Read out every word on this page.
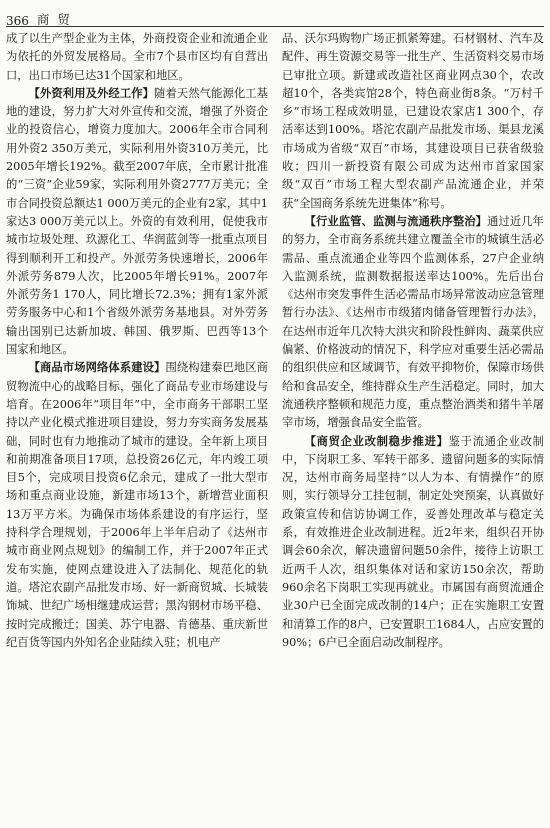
366 商贸

成了以生产型企业为主体，外商投资企业和流通企业为依托的外贸发展格局。全市7个县市区均有自营出口，出口市场已达31个国家和地区。

【外资利用及外经工作】随着天然气能源化工基地的建设，努力扩大对外宣传和交流，增强了外资企业的投资信心，增资力度加大。2006年全市合同利用外资2 350万美元，实际利用外资310万美元，比2005年增长192%。截至2007年底，全市累计批准的“三资”企业59家，实际利用外资2777万美元；全市合同投资总额达1 000万美元的企业有2家，其中1家达3 000万美元以上。外资的有效利用，促使我市城市垃圾处理、玖源化工、华润蓝剑等一批重点项目得到顺利开工和投产。外派劳务快速增长，2006年外派劳务879人次，比2005年增长91%。2007年外派劳务1 170人，同比增长72.3%；拥有1家外派劳务服务中心和1个省级外派劳务基地县。对外劳务输出国别已达新加坡、韩国、俄罗斯、巴西等13个国家和地区。

【商品市场网络体系建设】围绕构建秦巴地区商贸物流中心的战略目标，强化了商品专业市场建设与培育。在2006年“项目年”中，全市商务干部职工坚持以产业化模式推进项目建设，努力夯实商务发展基础，同时也有力地推动了城市的建设。全年新上项目和前期准备项目17项，总投资26亿元，年内竣工项目5个，完成项目投资6亿余元，建成了一批大型市场和重点商业设施，新建市场13个，新增营业面积13万平方米。为确保市场体系建设的有序运行，坚持科学合理规划，于2006年上半年启动了《达州市城市商业网点规划》的编制工作，并于2007年正式发布实施，使网点建设进入了法制化、规范化的轨道。塔沱农副产品批发市场、好一新商贸城、长城装饰城、世纪广场相继建成运营；黑沟钢材市场平稳、按时完成搬迁；国美、苏宁电器、肯德基、重庆新世纪百货等国内外知名企业陆续入驻；机电产

品、沃尔玛购物广场正抓紧筹建。石材钢材、汽车及配件、再生资源交易等一批生产、生活资料交易市场已审批立项。新建或改造社区商业网点30个，农改超10个，各类宾馆28个，特色商业街8条。“万村千乡”市场工程成效明显，已建设农家店1 300个，存活率达到100%。塔沱农副产品批发市场、渠县龙溪市场成为省级“双百”市场，其建设项目已获省级验收；四川一新投资有限公司成为达州市首家国家级“双百”市场工程大型农副产品流通企业，并荣获“全国商务系统先进集体”称号。

【行业监管、监测与流通秩序整治】通过近几年的努力，全市商务系统共建立覆盖全市的城镇生活必需品、重点流通企业等四个监测体系，27户企业纳入监测系统，监测数据报送率达100%。先后出台《达州市突发事件生活必需品市场异常波动应急管理暂行办法》、《达州市市级猪肉储备管理暂行办法》，在达州市近年几次特大洪灾和阶段性鲜肉、蔬菜供应偏紧、价格波动的情况下，科学应对重要生活必需品的组织供应和区域调节，有效平抑物价，保障市场供给和食品安全，维持群众生产生活稳定。同时，加大流通秩序整顿和规范力度，重点整治酒类和猪牛羊屠宰市场，增强食品安全监管。

【商贸企业改制稳步推进】鉴于流通企业改制中，下岗职工多、军转干部多、遗留问题多的实际情况，达州市商务局坚持“以人为本、有情操作”的原则，实行领导分工挂包制，制定处突预案，认真做好政策宣传和信访协调工作，妥善处理改革与稳定关系，有效推进企业改制进程。近2年来，组织召开协调会60余次，解决遗留问题50余件，接待上访职工近两千人次，组织集体对话和家访150余次，帮助960余名下岗职工实现再就业。市属国有商贸流通企业30户已全面完成改制的14户；正在实施职工安置和清算工作的8户，已安置职工1684人，占应安置的90%；6户已全面启动改制程序。
